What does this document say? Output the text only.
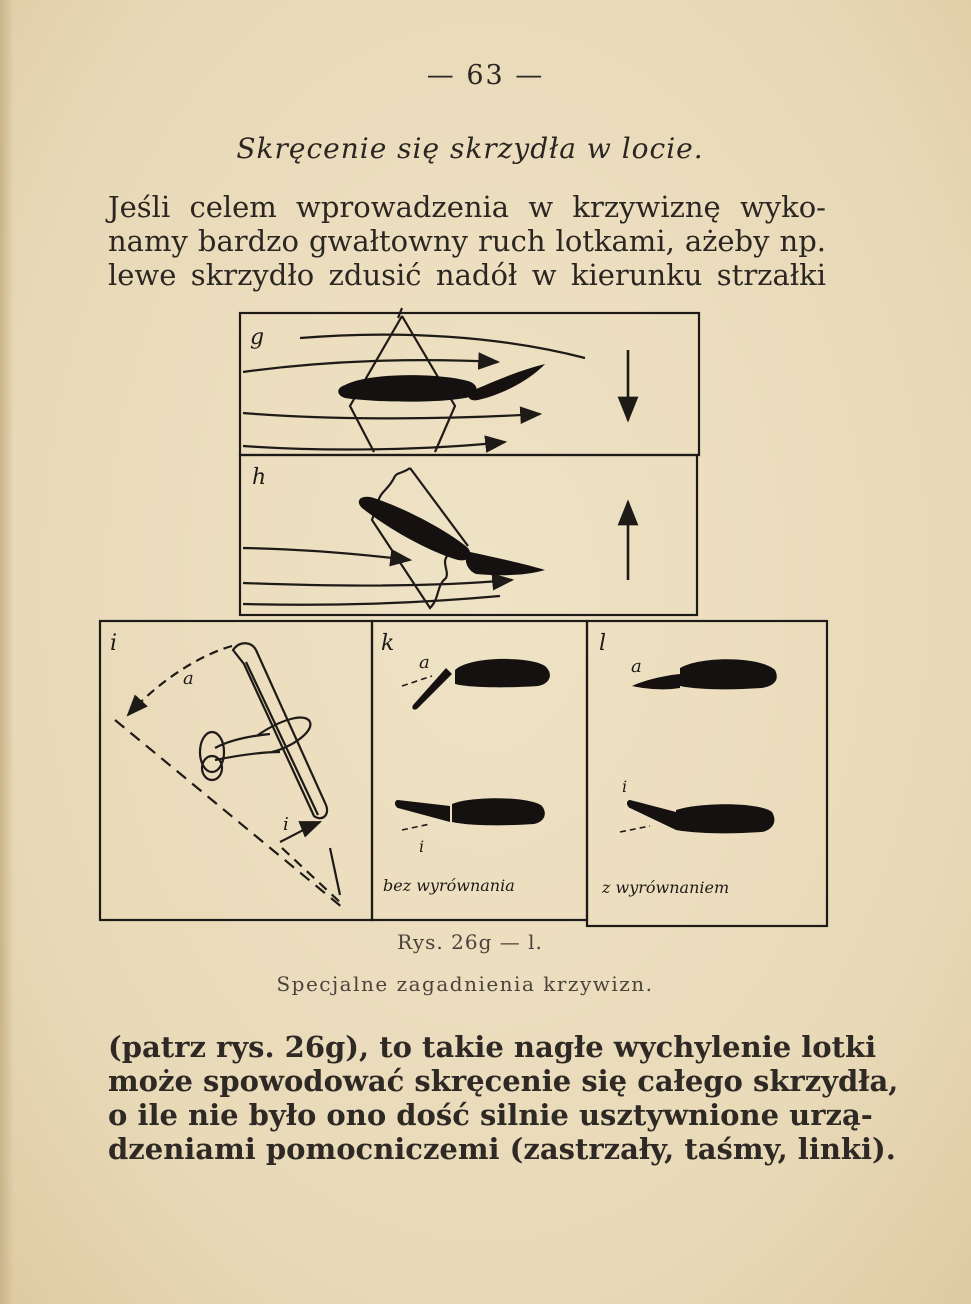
— 63 —
Skręcenie się skrzydła w locie.
Jeśli celem wprowadzenia w krzywiznę wyko-
namy bardzo gwałtowny ruch lotkami, ażeby np.
lewe skrzydło zdusić nadół w kierunku strzałki
g
h
i
a
i
k
a
i
bez wyrównania
l
a
i
z wyrównaniem
Rys. 26g — l.
Specjalne zagadnienia krzywizn.
(patrz rys. 26g), to takie nagłe wychylenie lotki
może spowodować skręcenie się całego skrzydła,
o ile nie było ono dość silnie usztywnione urzą-
dzeniami pomocniczemi (zastrzały, taśmy, linki).
